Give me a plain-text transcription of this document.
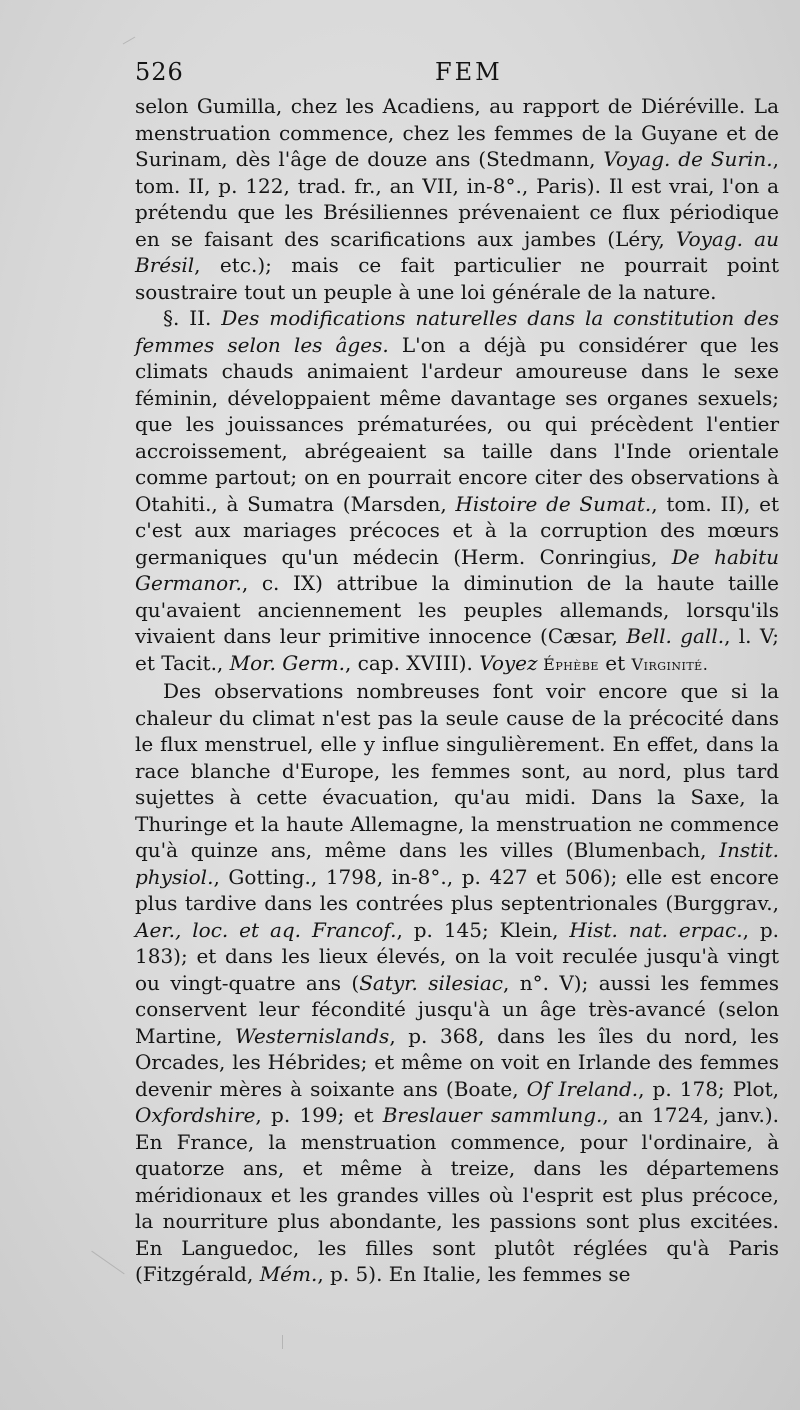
526	FEM

selon Gumilla, chez les Acadiens, au rapport de Diéréville. La menstruation commence, chez les femmes de la Guyane et de Surinam, dès l'âge de douze ans (Stedmann, Voyag. de Surin., tom. II, p. 122, trad. fr., an VII, in-8°., Paris). Il est vrai, l'on a prétendu que les Brésiliennes prévenaient ce flux périodique en se faisant des scarifications aux jambes (Léry, Voyag. au Brésil, etc.); mais ce fait particulier ne pourrait point soustraire tout un peuple à une loi générale de la nature.

§. II. Des modifications naturelles dans la constitution des femmes selon les âges. L'on a déjà pu considérer que les climats chauds animaient l'ardeur amoureuse dans le sexe féminin, développaient même davantage ses organes sexuels; que les jouissances prématurées, ou qui précèdent l'entier accroissement, abrégeaient sa taille dans l'Inde orientale comme partout; on en pourrait encore citer des observations à Otahiti., à Sumatra (Marsden, Histoire de Sumat., tom. II), et c'est aux mariages précoces et à la corruption des mœurs germaniques qu'un médecin (Herm. Conringius, De habitu Germanor., c. IX) attribue la diminution de la haute taille qu'avaient anciennement les peuples allemands, lorsqu'ils vivaient dans leur primitive innocence (Cæsar, Bell. gall., l. V; et Tacit., Mor. Germ., cap. XVIII). Voyez Éphèbe et Virginité.

Des observations nombreuses font voir encore que si la chaleur du climat n'est pas la seule cause de la précocité dans le flux menstruel, elle y influe singulièrement. En effet, dans la race blanche d'Europe, les femmes sont, au nord, plus tard sujettes à cette évacuation, qu'au midi. Dans la Saxe, la Thuringe et la haute Allemagne, la menstruation ne commence qu'à quinze ans, même dans les villes (Blumenbach, Instit. physiol., Gotting., 1798, in-8°., p. 427 et 506); elle est encore plus tardive dans les contrées plus septentrionales (Burggrav., Aer., loc. et aq. Francof., p. 145; Klein, Hist. nat. erpac., p. 183); et dans les lieux élevés, on la voit reculée jusqu'à vingt ou vingt-quatre ans (Satyr. silesiac, n°. V); aussi les femmes conservent leur fécondité jusqu'à un âge très-avancé (selon Martine, Westernislands, p. 368, dans les îles du nord, les Orcades, les Hébrides; et même on voit en Irlande des femmes devenir mères à soixante ans (Boate, Of Ireland., p. 178; Plot, Oxfordshire, p. 199; et Breslauer sammlung., an 1724, janv.). En France, la menstruation commence, pour l'ordinaire, à quatorze ans, et même à treize, dans les départemens méridionaux et les grandes villes où l'esprit est plus précoce, la nourriture plus abondante, les passions sont plus excitées. En Languedoc, les filles sont plutôt réglées qu'à Paris (Fitzgérald, Mém., p. 5). En Italie, les femmes se
